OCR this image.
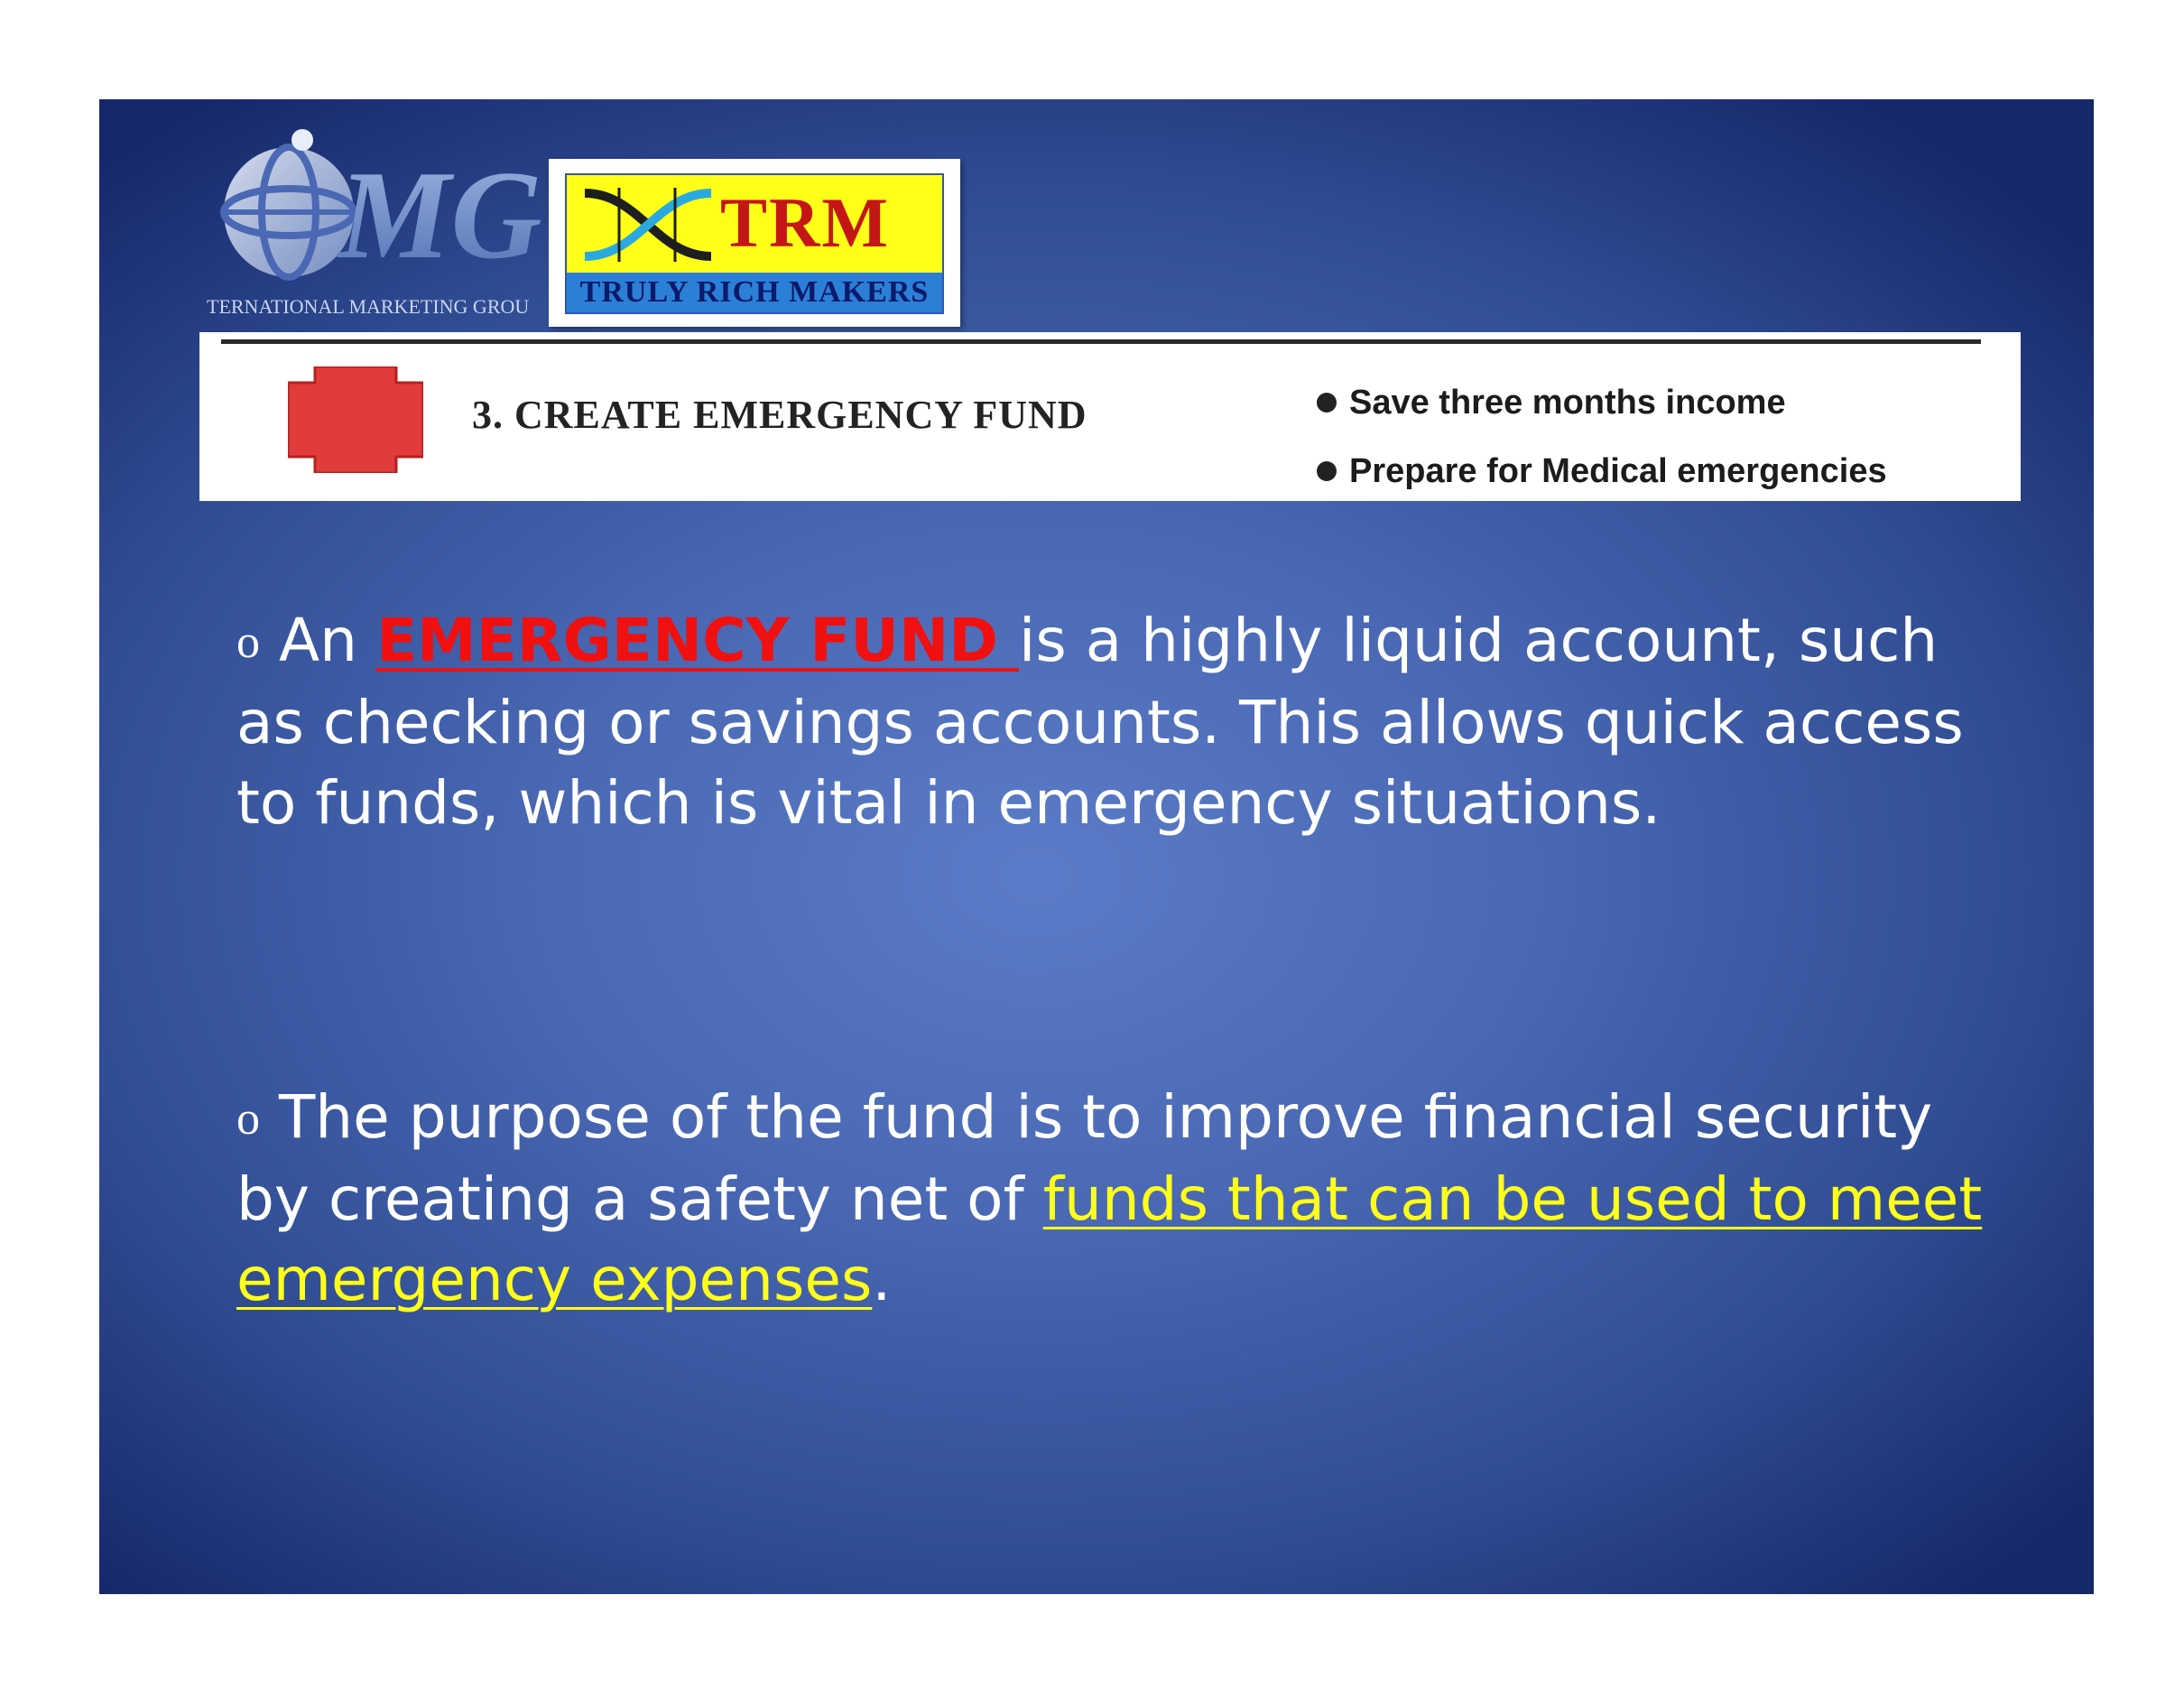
MG
TERNATIONAL MARKETING GROU
TRM
TRULY RICH MAKERS
3. CREATE EMERGENCY FUND	Save three months income
Prepare for Medical emergencies

o An EMERGENCY FUND is a highly liquid account, such as checking or savings accounts. This allows quick access to funds, which is vital in emergency situations.

o The purpose of the fund is to improve financial security by creating a safety net of funds that can be used to meet emergency expenses.
